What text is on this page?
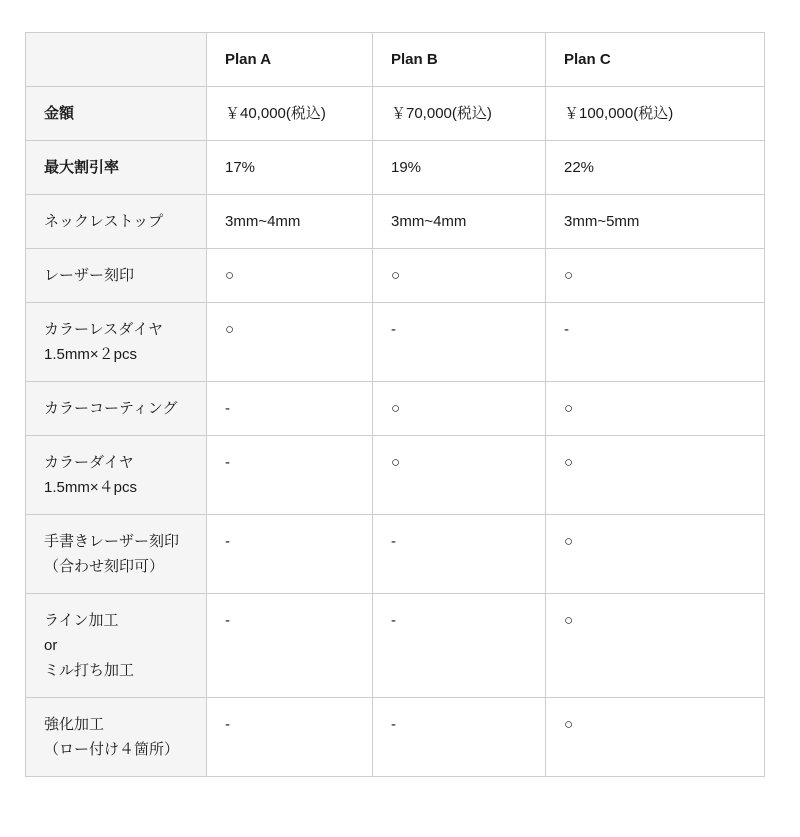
	Plan A	Plan B	Plan C

金額	￥40,000(税込)	￥70,000(税込)	￥100,000(税込)

最大割引率	17%	19%	22%

ネックレストップ	3mm~4mm	3mm~4mm	3mm~5mm

レーザー刻印	○	○	○

カラーレスダイヤ
1.5mm×２pcs	○	-	-

カラーコーティング	-	○	○

カラーダイヤ
1.5mm×４pcs	-	○	○

手書きレーザー刻印
（合わせ刻印可）	-	-	○

ライン加工
or
ミル打ち加工	-	-	○

強化加工
（ロー付け４箇所）	-	-	○
